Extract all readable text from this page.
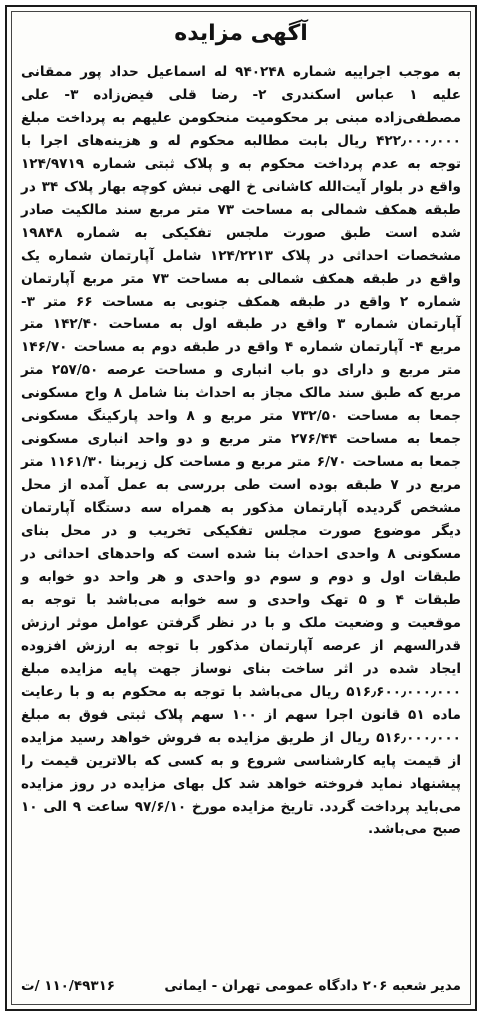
آگهی مزایده
به موجب اجراییه شماره ۹۴۰۲۴۸ له اسماعیل حداد پور ممقانی علیه ۱ عباس اسکندری ۲- رضا قلی فیض‌زاده ۳- علی مصطفی‌زاده مبنی بر محکومیت منحکومن علیهم به پرداخت مبلغ ۴۲۲٫۰۰۰٫۰۰۰ ریال بابت مطالبه محکوم له و هزینه‌های اجرا با توجه به عدم پرداخت محکوم به و پلاک ثبتی شماره ۱۲۴/۹۷۱۹ واقع در بلوار آیت‌الله کاشانی خ الهی نبش کوچه بهار پلاک ۳۴ در طبقه همکف شمالی به مساحت ۷۳ متر مربع سند مالکیت صادر شده است طبق صورت ملجس تفکیکی به شماره ۱۹۸۴۸ مشخصات احداثی در پلاک ۱۲۴/۲۲۱۳ شامل آپارتمان شماره یک واقع در طبقه همکف شمالی به مساحت ۷۳ متر مربع آپارتمان شماره ۲ واقع در طبقه همکف جنوبی به مساحت ۶۶ متر ۳-آپارتمان شماره ۳ واقع در طبقه اول به مساحت ۱۴۲/۴۰ متر مربع ۴- آپارتمان شماره ۴ واقع در طبقه دوم به مساحت ۱۴۶/۷۰ متر مربع و دارای دو باب انباری و مساحت عرصه ۲۵۷/۵۰ متر مربع که طبق سند مالک مجاز به احداث بنا شامل ۸ واح مسکونی جمعا به مساحت ۷۳۲/۵۰ متر مربع و ۸ واحد پارکینگ مسکونی جمعا به مساحت ۲۷۶/۴۴ متر مربع و دو واحد انباری مسکونی جمعا به مساحت ۶/۷۰ متر مربع و مساحت کل زیربنا ۱۱۶۱/۳۰ متر مربع در ۷ طبقه بوده است طی بررسی به عمل آمده از محل مشخص گردیده آپارتمان مذکور به همراه سه دستگاه آپارتمان دیگر موضوع صورت مجلس تفکیکی تخریب و در محل بنای مسکونی ۸ واحدی احداث بنا شده است که واحدهای احداثی در طبقات اول و دوم و سوم دو واحدی و هر واحد دو خوابه و طبقات ۴ و ۵ تهک واحدی و سه خوابه می‌باشد با توجه به موقعیت و وضعیت ملک و با در نظر گرفتن عوامل موثر ارزش قدرالسهم از عرصه آپارتمان مذکور با توجه به ارزش افزوده ایجاد شده در اثر ساخت بنای نوساز جهت پایه مزایده مبلغ ۵۱۶٫۶۰۰٫۰۰۰٫۰۰۰ ریال می‌باشد با توجه به محکوم به و با رعایت ماده ۵۱ قانون اجرا سهم از ۱۰۰ سهم پلاک ثبتی فوق به مبلغ ۵۱۶٫۰۰۰٫۰۰۰ ریال از طریق مزایده به فروش خواهد رسید مزایده از قیمت پایه کارشناسی شروع و به کسی که بالاترین قیمت را پیشنهاد نماید فروخته خواهد شد کل بهای مزایده در روز مزایده می‌باید پرداخت گردد. تاریخ مزایده مورخ ۹۷/۶/۱۰ ساعت ۹ الی ۱۰ صبح می‌باشد.
مدیر شعبه ۲۰۶ دادگاه عمومی تهران - ایمانی
۱۱۰/۴۹۳۱۶ /ت
